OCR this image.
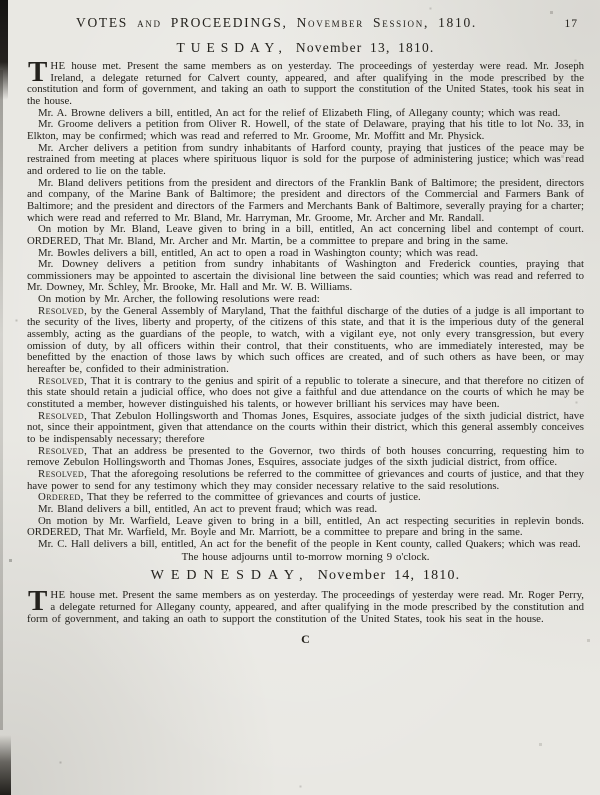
VOTES and PROCEEDINGS, November Session, 1810.	17
TUESDAY, November 13, 1810.

THE house met. Present the same members as on yesterday. The proceedings of yesterday were read. Mr. Joseph Ireland, a delegate returned for Calvert county, appeared, and after qualifying in the mode prescribed by the constitution and form of government, and taking an oath to support the constitution of the United States, took his seat in the house.

Mr. A. Browne delivers a bill, entitled, An act for the relief of Elizabeth Fling, of Allegany county; which was read.

Mr. Groome delivers a petition from Oliver R. Howell, of the state of Delaware, praying that his title to lot No. 33, in Elkton, may be confirmed; which was read and referred to Mr. Groome, Mr. Moffitt and Mr. Physick.

Mr. Archer delivers a petition from sundry inhabitants of Harford county, praying that justices of the peace may be restrained from meeting at places where spirituous liquor is sold for the purpose of administering justice; which was read and ordered to lie on the table.

Mr. Bland delivers petitions from the president and directors of the Franklin Bank of Baltimore; the president, directors and company, of the Marine Bank of Baltimore; the president and directors of the Commercial and Farmers Bank of Baltimore; and the president and directors of the Farmers and Merchants Bank of Baltimore, severally praying for a charter; which were read and referred to Mr. Bland, Mr. Harryman, Mr. Groome, Mr. Archer and Mr. Randall.

On motion by Mr. Bland, Leave given to bring in a bill, entitled, An act concerning libel and contempt of court. ORDERED, That Mr. Bland, Mr. Archer and Mr. Martin, be a committee to prepare and bring in the same.

Mr. Bowles delivers a bill, entitled, An act to open a road in Washington county; which was read.

Mr. Downey delivers a petition from sundry inhabitants of Washington and Frederick counties, praying that commissioners may be appointed to ascertain the divisional line between the said counties; which was read and referred to Mr. Downey, Mr. Schley, Mr. Brooke, Mr. Hall and Mr. W. B. Williams.

On motion by Mr. Archer, the following resolutions were read:

Resolved, by the General Assembly of Maryland, That the faithful discharge of the duties of a judge is all important to the security of the lives, liberty and property, of the citizens of this state, and that it is the imperious duty of the general assembly, acting as the guardians of the people, to watch, with a vigilant eye, not only every transgression, but every omission of duty, by all officers within their control, that their constituents, who are immediately interested, may be benefitted by the enaction of those laws by which such offices are created, and of such others as have been, or may hereafter be, confided to their administration.

Resolved, That it is contrary to the genius and spirit of a republic to tolerate a sinecure, and that therefore no citizen of this state should retain a judicial office, who does not give a faithful and due attendance on the courts of which he may be constituted a member, however distinguished his talents, or however brilliant his services may have been.

Resolved, That Zebulon Hollingsworth and Thomas Jones, Esquires, associate judges of the sixth judicial district, have not, since their appointment, given that attendance on the courts within their district, which this general assembly conceives to be indispensably necessary; therefore

Resolved, That an address be presented to the Governor, two thirds of both houses concurring, requesting him to remove Zebulon Hollingsworth and Thomas Jones, Esquires, associate judges of the sixth judicial district, from office.

Resolved, That the aforegoing resolutions be referred to the committee of grievances and courts of justice, and that they have power to send for any testimony which they may consider necessary relative to the said resolutions.

Ordered, That they be referred to the committee of grievances and courts of justice.

Mr. Bland delivers a bill, entitled, An act to prevent fraud; which was read.

On motion by Mr. Warfield, Leave given to bring in a bill, entitled, An act respecting securities in replevin bonds. ORDERED, That Mr. Warfield, Mr. Boyle and Mr. Marriott, be a committee to prepare and bring in the same.

Mr. C. Hall delivers a bill, entitled, An act for the benefit of the people in Kent county, called Quakers; which was read.

The house adjourns until to-morrow morning 9 o'clock.

WEDNESDAY, November 14, 1810.

THE house met. Present the same members as on yesterday. The proceedings of yesterday were read. Mr. Roger Perry, a delegate returned for Allegany county, appeared, and after qualifying in the mode prescribed by the constitution and form of government, and taking an oath to support the constitution of the United States, took his seat in the house.

C
